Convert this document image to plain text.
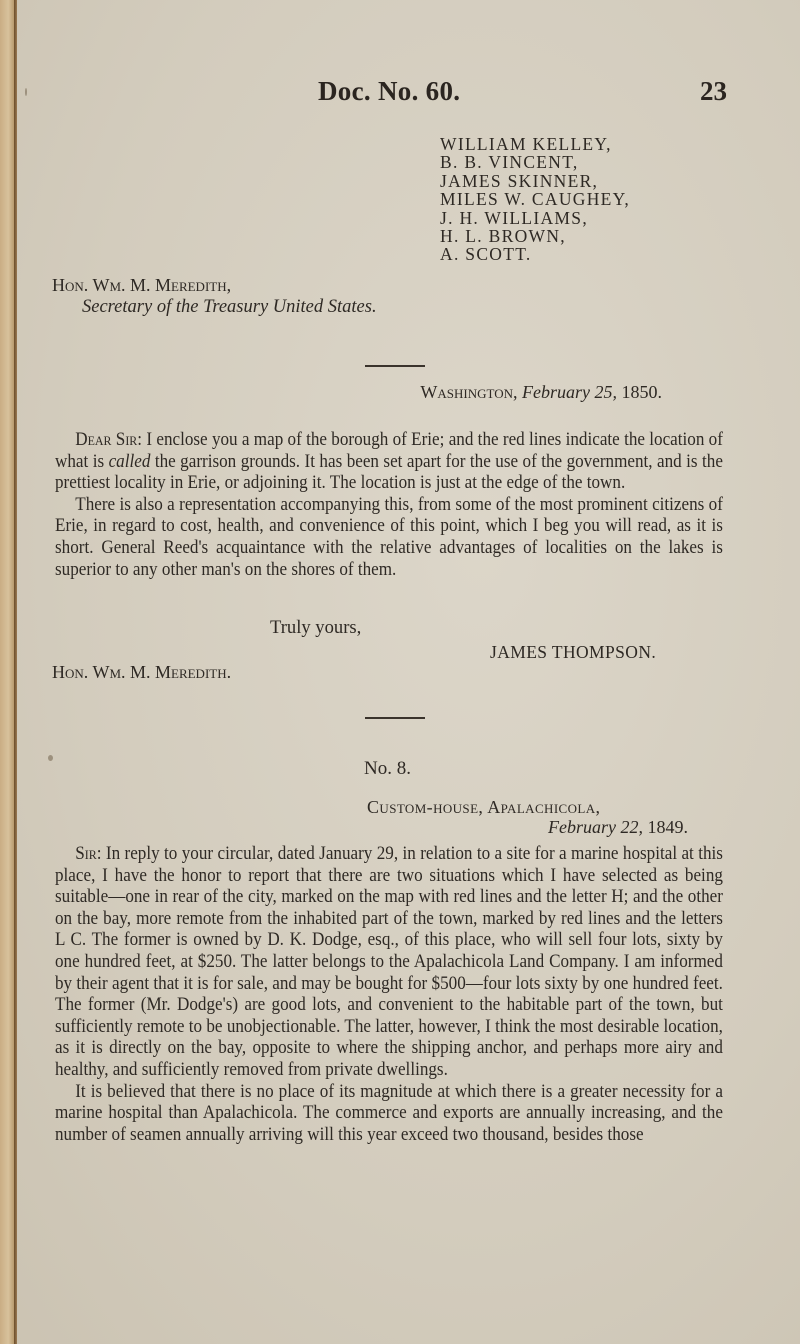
Doc. No. 60.	23
WILLIAM KELLEY,
B. B. VINCENT,
JAMES SKINNER,
MILES W. CAUGHEY,
J. H. WILLIAMS,
H. L. BROWN,
A. SCOTT.
Hon. Wm. M. Meredith,
Secretary of the Treasury United States.
Washington, February 25, 1850.

Dear Sir: I enclose you a map of the borough of Erie; and the red lines indicate the location of what is called the garrison grounds. It has been set apart for the use of the government, and is the prettiest locality in Erie, or adjoining it. The location is just at the edge of the town.

There is also a representation accompanying this, from some of the most prominent citizens of Erie, in regard to cost, health, and convenience of this point, which I beg you will read, as it is short. General Reed's acquaintance with the relative advantages of localities on the lakes is superior to any other man's on the shores of them.

Truly yours,
JAMES THOMPSON.
Hon. Wm. M. Meredith.
No. 8.
Custom-house, Apalachicola,
February 22, 1849.

Sir: In reply to your circular, dated January 29, in relation to a site for a marine hospital at this place, I have the honor to report that there are two situations which I have selected as being suitable—one in rear of the city, marked on the map with red lines and the letter H; and the other on the bay, more remote from the inhabited part of the town, marked by red lines and the letters L C. The former is owned by D. K. Dodge, esq., of this place, who will sell four lots, sixty by one hundred feet, at $250. The latter belongs to the Apalachicola Land Company. I am informed by their agent that it is for sale, and may be bought for $500—four lots sixty by one hundred feet. The former (Mr. Dodge's) are good lots, and convenient to the habitable part of the town, but sufficiently remote to be unobjectionable. The latter, however, I think the most desirable location, as it is directly on the bay, opposite to where the shipping anchor, and perhaps more airy and healthy, and sufficiently removed from private dwellings.

It is believed that there is no place of its magnitude at which there is a greater necessity for a marine hospital than Apalachicola. The commerce and exports are annually increasing, and the number of seamen annually arriving will this year exceed two thousand, besides those
